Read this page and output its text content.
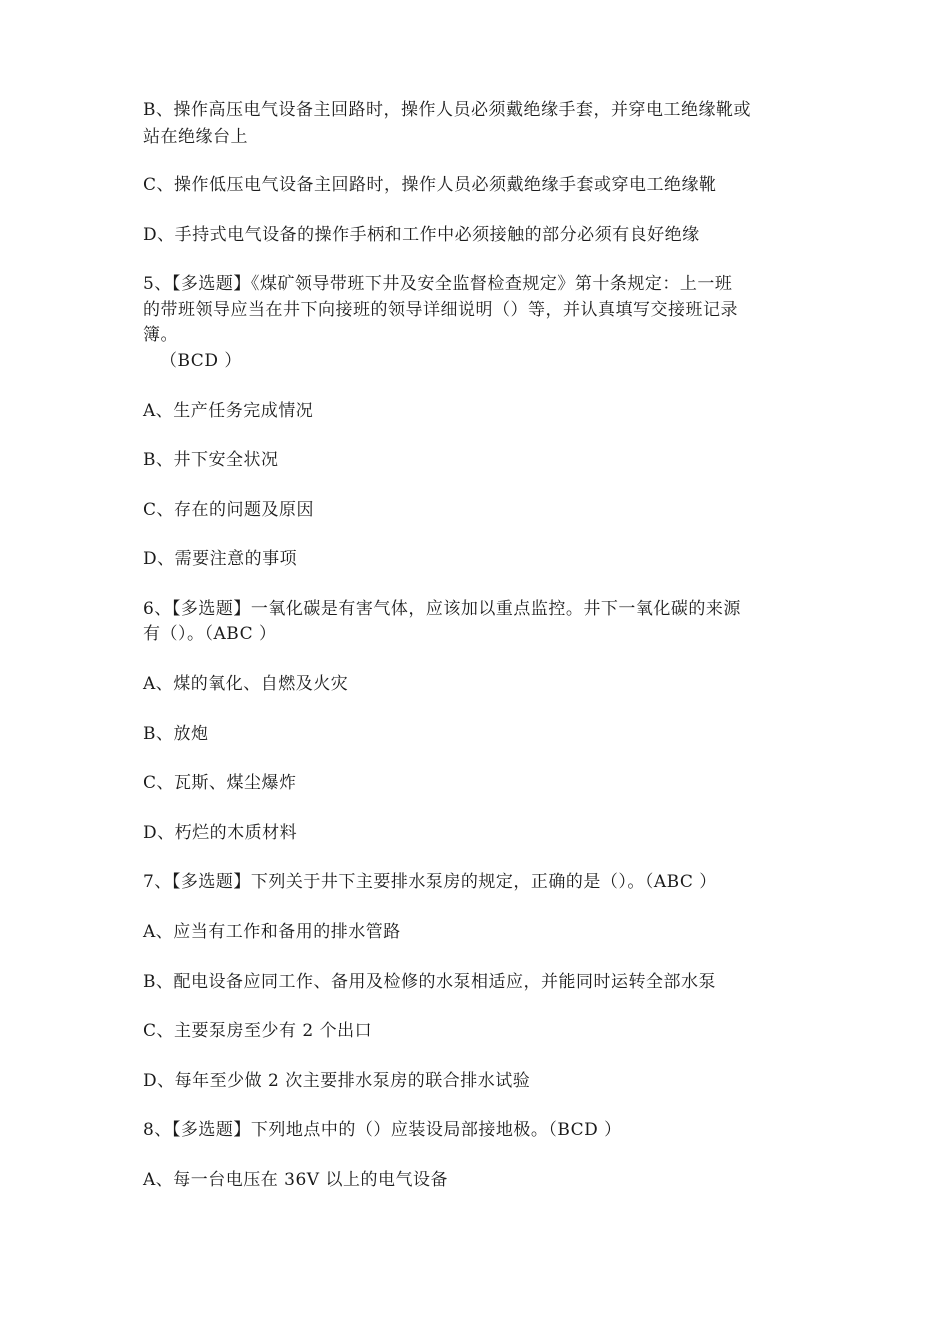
B、操作高压电气设备主回路时，操作人员必须戴绝缘手套，并穿电工绝缘靴或
站在绝缘台上
C、操作低压电气设备主回路时，操作人员必须戴绝缘手套或穿电工绝缘靴
D、手持式电气设备的操作手柄和工作中必须接触的部分必须有良好绝缘
5、【多选题】《煤矿领导带班下井及安全监督检查规定》第十条规定：上一班
的带班领导应当在井下向接班的领导详细说明（）等，并认真填写交接班记录
簿。
（BCD ）
A、生产任务完成情况
B、井下安全状况
C、存在的问题及原因
D、需要注意的事项
6、【多选题】一氧化碳是有害气体，应该加以重点监控。井下一氧化碳的来源
有（）。（ABC ）
A、煤的氧化、自燃及火灾
B、放炮
C、瓦斯、煤尘爆炸
D、朽烂的木质材料
7、【多选题】下列关于井下主要排水泵房的规定，正确的是（）。（ABC ）
A、应当有工作和备用的排水管路
B、配电设备应同工作、备用及检修的水泵相适应，并能同时运转全部水泵
C、主要泵房至少有 2 个出口
D、每年至少做 2 次主要排水泵房的联合排水试验
8、【多选题】下列地点中的（）应装设局部接地极。（BCD ）
A、每一台电压在 36V 以上的电气设备
